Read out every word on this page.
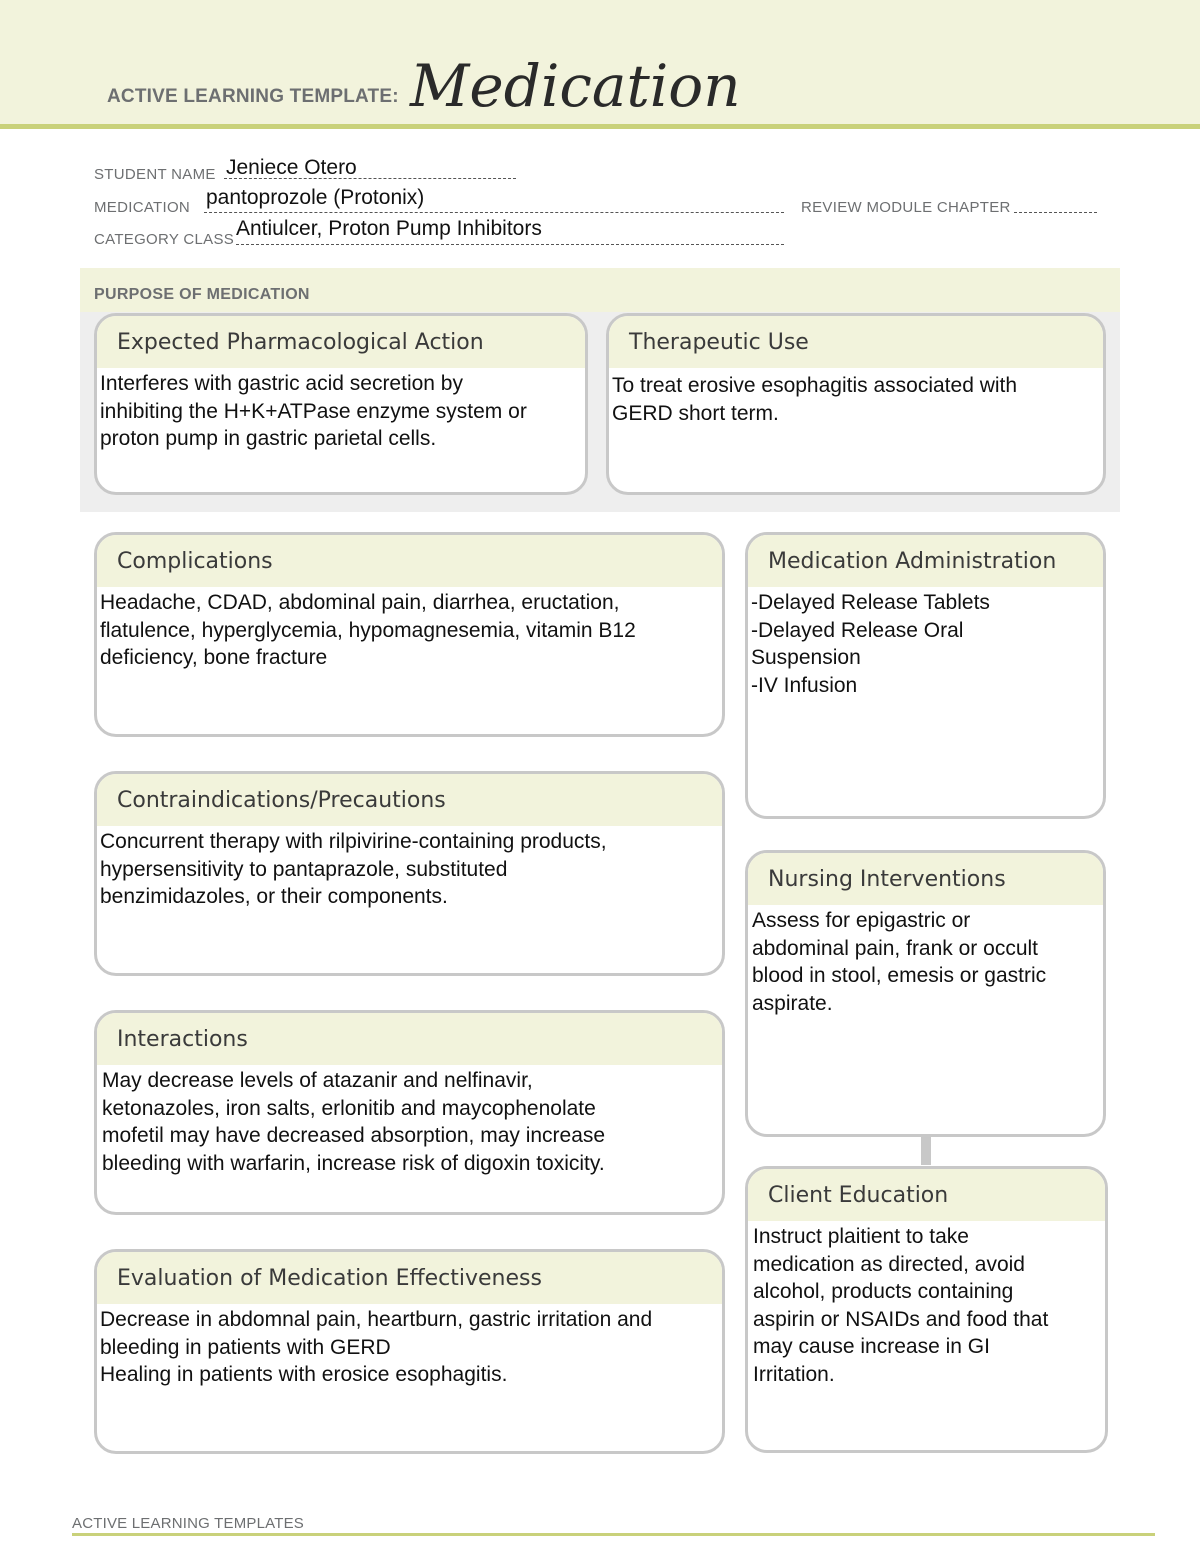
ACTIVE LEARNING TEMPLATE: Medication
STUDENT NAME Jeniece Otero
MEDICATION pantoprozole (Protonix)	REVIEW MODULE CHAPTER
CATEGORY CLASS Antiulcer, Proton Pump Inhibitors
PURPOSE OF MEDICATION
Expected Pharmacological Action
Interferes with gastric acid secretion by
inhibiting the H+K+ATPase enzyme system or
proton pump in gastric parietal cells.
Therapeutic Use
To treat erosive esophagitis associated with
GERD short term.
Complications
Headache, CDAD, abdominal pain, diarrhea, eructation,
flatulence, hyperglycemia, hypomagnesemia, vitamin B12
deficiency, bone fracture
Contraindications/Precautions
Concurrent therapy with rilpivirine-containing products,
hypersensitivity to pantaprazole, substituted
benzimidazoles, or their components.
Interactions
May decrease levels of atazanir and nelfinavir,
ketonazoles, iron salts, erlonitib and maycophenolate
mofetil may have decreased absorption, may increase
bleeding with warfarin, increase risk of digoxin toxicity.
Evaluation of Medication Effectiveness
Decrease in abdomnal pain, heartburn, gastric irritation and
bleeding in patients with GERD
Healing in patients with erosice esophagitis.
Medication Administration
-Delayed Release Tablets
-Delayed Release Oral
Suspension
-IV Infusion
Nursing Interventions
Assess for epigastric or
abdominal pain, frank or occult
blood in stool, emesis or gastric
aspirate.
Client Education
Instruct plaitient to take
medication as directed, avoid
alcohol, products containing
aspirin or NSAIDs and food that
may cause increase in GI
Irritation.
ACTIVE LEARNING TEMPLATES
